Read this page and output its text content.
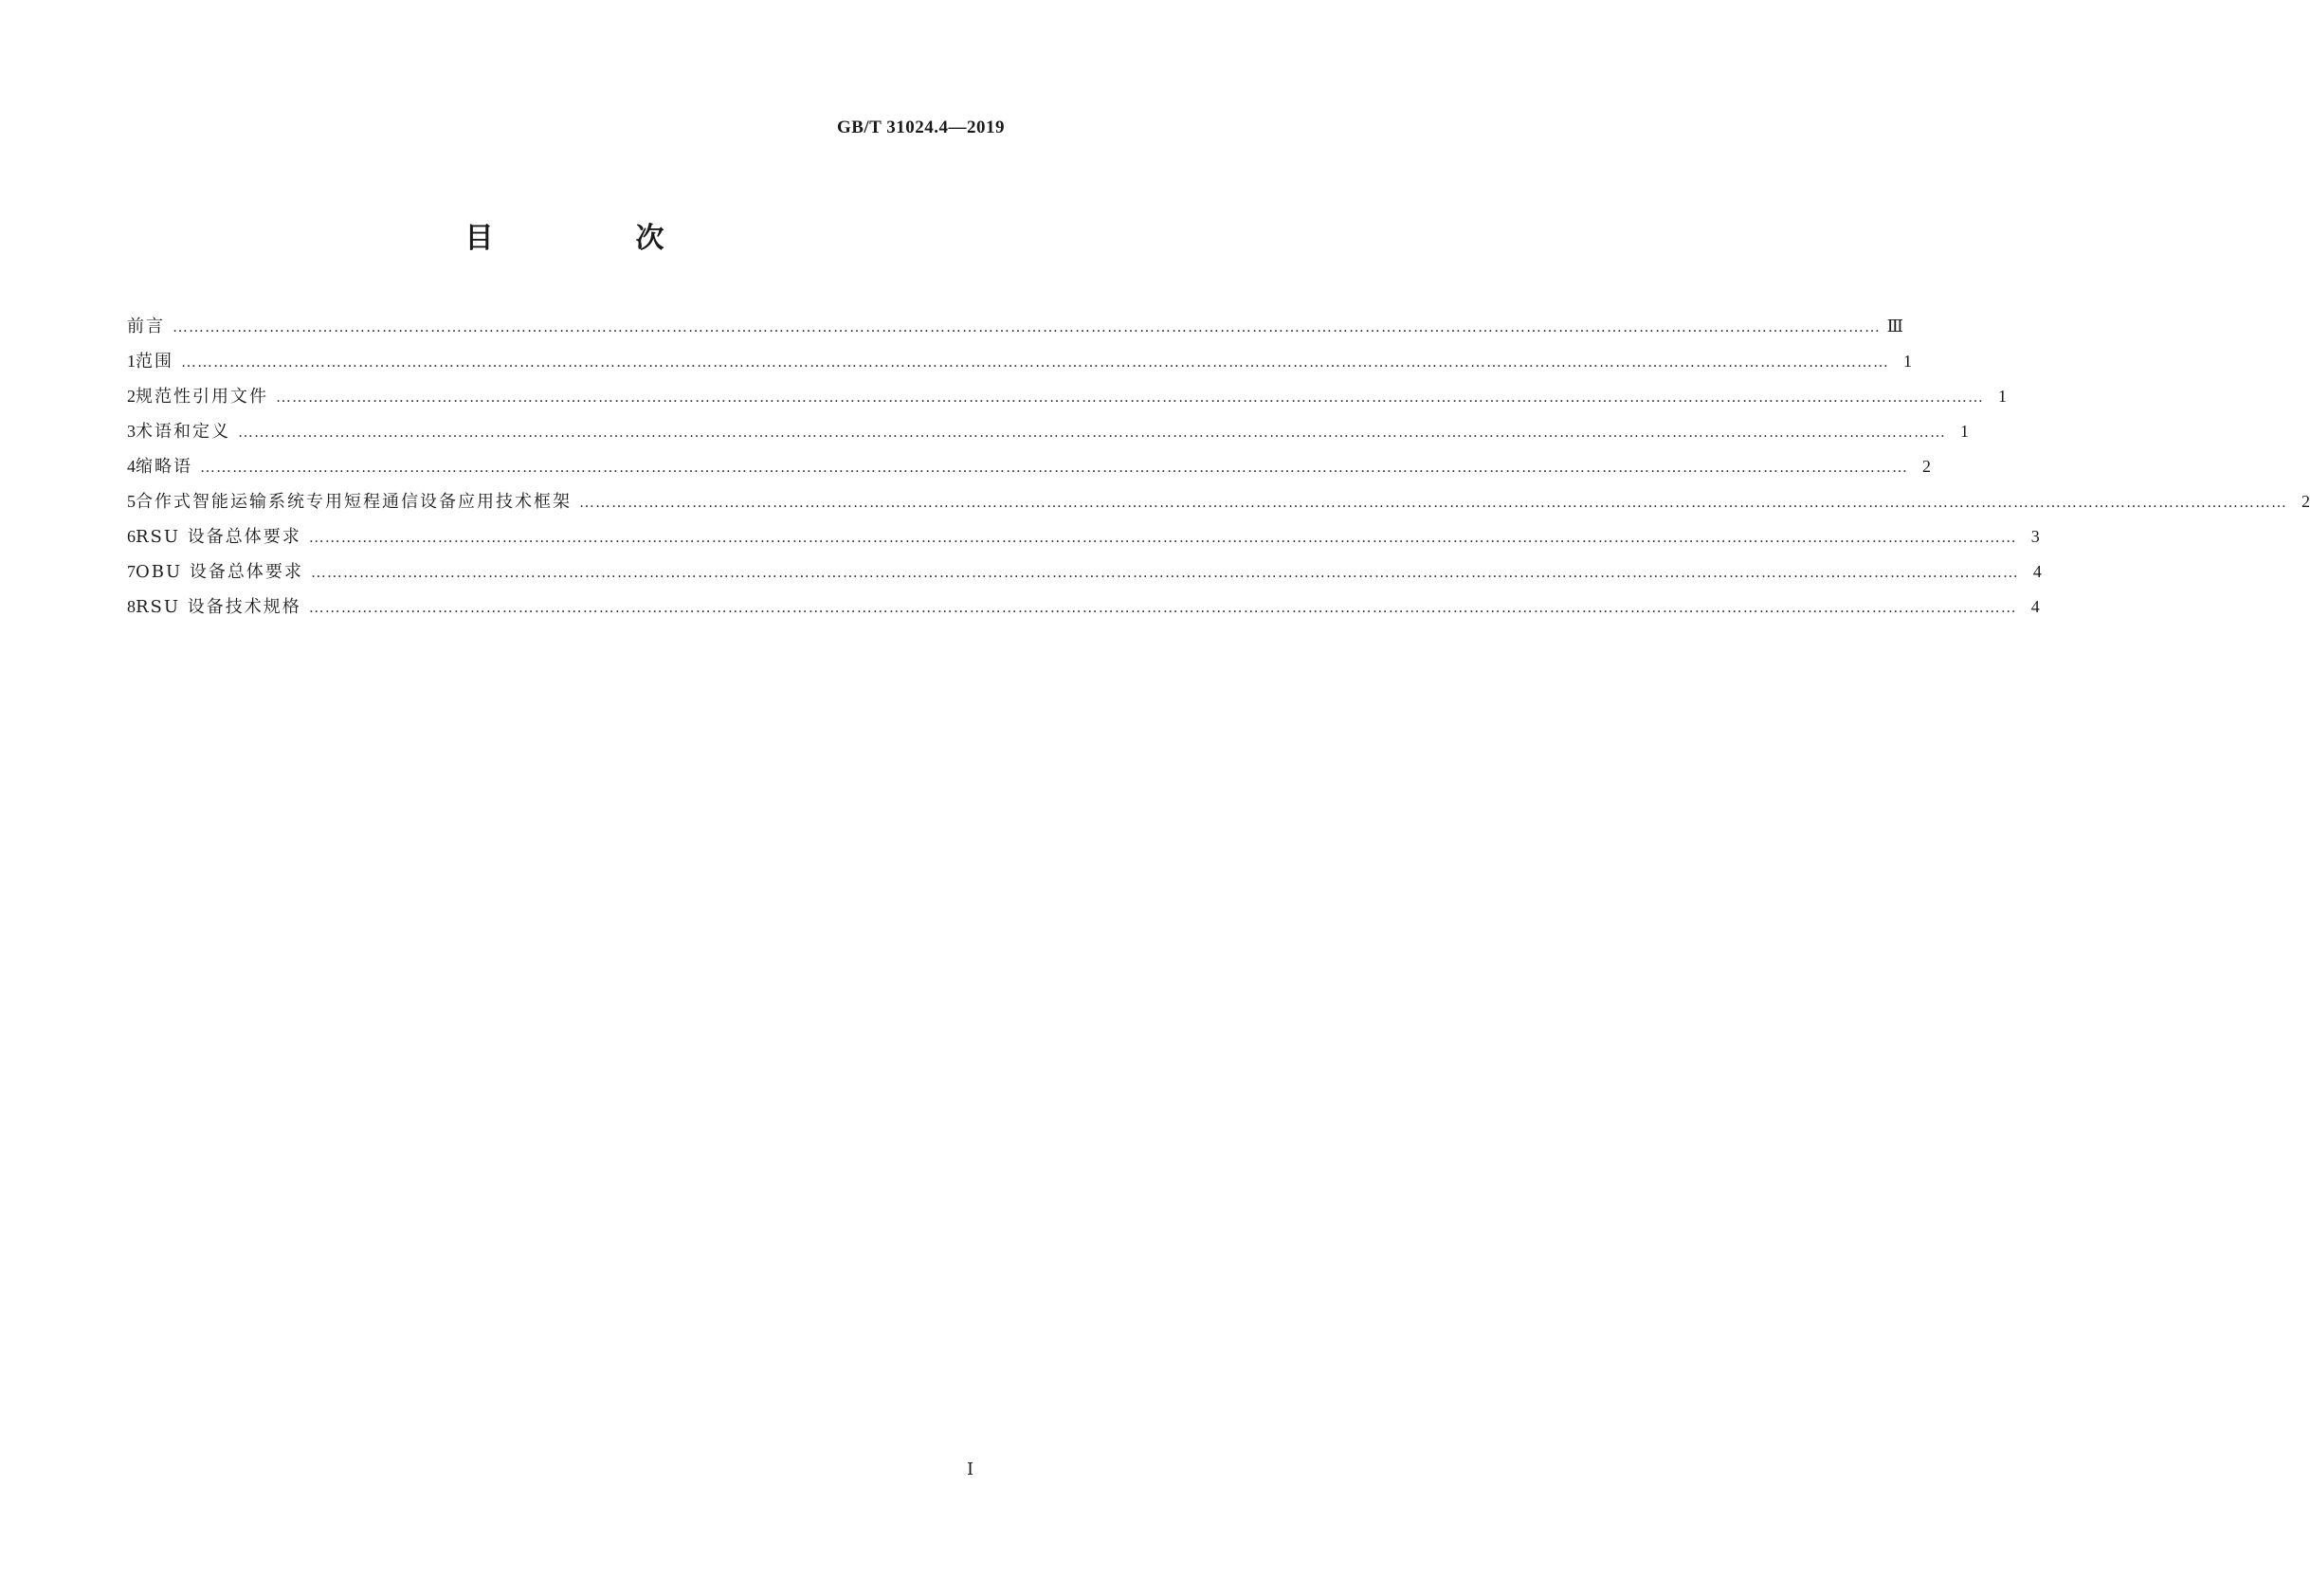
GB/T 31024.4—2019
目　次
前言 ………………………………………………………………………………………………………………………………………………………………………………………………………………………………………………………………………………………… Ⅲ
1 范围 ………………………………………………………………………………………………………………………………………………………………………………………………………………………………………………………………………………………… 1
2 规范性引用文件 ………………………………………………………………………………………………………………………………………………………………………………………………………………………………………………………………………………………… 1
3 术语和定义 ………………………………………………………………………………………………………………………………………………………………………………………………………………………………………………………………………………………… 1
4 缩略语 ………………………………………………………………………………………………………………………………………………………………………………………………………………………………………………………………………………………… 2
5 合作式智能运输系统专用短程通信设备应用技术框架 ………………………………………………………………………………………………………………………………………………………………………………………………………………………………………………………………………………………… 2
6 RSU 设备总体要求 ………………………………………………………………………………………………………………………………………………………………………………………………………………………………………………………………………………………… 3
7 OBU 设备总体要求 ………………………………………………………………………………………………………………………………………………………………………………………………………………………………………………………………………………………… 4
8 RSU 设备技术规格 ………………………………………………………………………………………………………………………………………………………………………………………………………………………………………………………………………………………… 4
Ⅰ
